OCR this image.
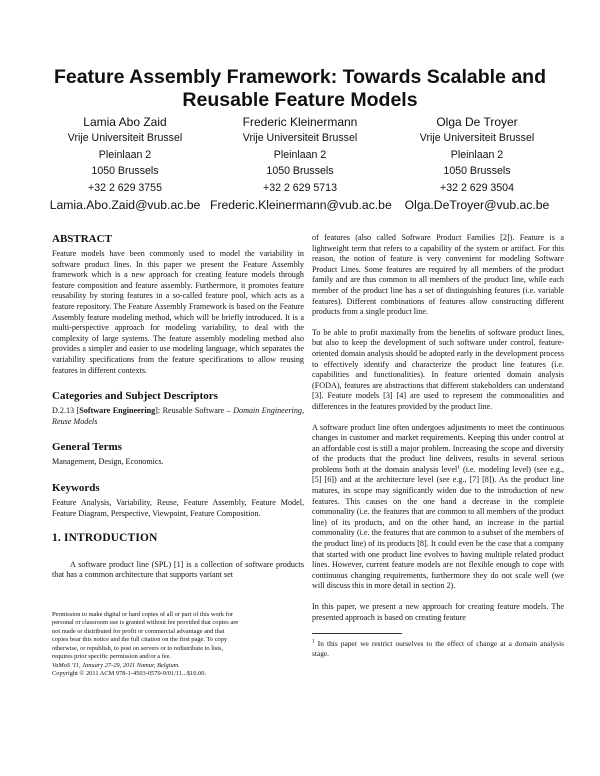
Feature Assembly Framework: Towards Scalable and Reusable Feature Models
Lamia Abo Zaid
Vrije Universiteit Brussel
Pleinlaan 2
1050 Brussels
+32 2 629 3755
Lamia.Abo.Zaid@vub.ac.be
Frederic Kleinermann
Vrije Universiteit Brussel
Pleinlaan 2
1050 Brussels
+32 2 629 5713
Frederic.Kleinermann@vub.ac.be
Olga De Troyer
Vrije Universiteit Brussel
Pleinlaan 2
1050 Brussels
+32 2 629 3504
Olga.DeTroyer@vub.ac.be
ABSTRACT

Feature models have been commonly used to model the variability in software product lines. In this paper we present the Feature Assembly framework which is a new approach for creating feature models through feature composition and feature assembly. Furthermore, it promotes feature reusability by storing features in a so-called feature pool, which acts as a feature repository. The Feature Assembly Framework is based on the Feature Assembly feature modeling method, which will be briefly introduced. It is a multi-perspective approach for modeling variability, to deal with the complexity of large systems. The feature assembly modeling method also provides a simpler and easier to use modeling language, which separates the variability specifications from the feature specifications to allow reusing features in different contexts.

Categories and Subject Descriptors

D.2.13 [Software Engineering]: Reusable Software – Domain Engineering, Reuse Models

General Terms

Management, Design, Economics.

Keywords

Feature Analysis, Variability, Reuse, Feature Assembly, Feature Model, Feature Diagram, Perspective, Viewpoint, Feature Composition.

1. INTRODUCTION

A software product line (SPL) [1] is a collection of software products that has a common architecture that supports variant set

Permission to make digital or hard copies of all or part of this work for
personal or classroom use is granted without fee provided that copies are
not made or distributed for profit or commercial advantage and that
copies bear this notice and the full citation on the first page. To copy
otherwise, or republish, to post on servers or to redistribute to lists,
requires prior specific permission and/or a fee.
VaMoS '11, January 27-29, 2011 Namur, Belgium.
Copyright © 2011 ACM 978-1-4503-0570-9/01/11...$10.00.

of features (also called Software Product Families [2]). Feature is a lightweight term that refers to a capability of the system or artifact. For this reason, the notion of feature is very convenient for modeling Software Product Lines. Some features are required by all members of the product family and are thus common to all members of the product line, while each member of the product line has a set of distinguishing features (i.e. variable features). Different combinations of features allow constructing different products from a single product line.

To be able to profit maximally from the benefits of software product lines, but also to keep the development of such software under control, feature-oriented domain analysis should be adopted early in the development process to effectively identify and characterize the product line features (i.e. capabilities and functionalities). In feature oriented domain analysis (FODA), features are abstractions that different stakeholders can understand [3]. Feature models [3] [4] are used to represent the commonalities and differences in the features provided by the product line.

A software product line often undergoes adjustments to meet the continuous changes in customer and market requirements. Keeping this under control at an affordable cost is still a major problem. Increasing the scope and diversity of the products that the product line delivers, results in several serious problems both at the domain analysis level$^1$ (i.e. modeling level) (see e.g., [5] [6]) and at the architecture level (see e.g., [7] [8]). As the product line matures, its scope may significantly widen due to the introduction of new features. This causes on the one hand a decrease in the complete commonality (i.e. the features that are common to all members of the product line) of its products, and on the other hand, an increase in the partial commonality (i.e. the features that are common to a subset of the members of the product line) of its products [8]. It could even be the case that a company that started with one product line evolves to having multiple related product lines. However, current feature models are not flexible enough to cope with continuous changing requirements, furthermore they do not scale well (we will discuss this in more detail in section 2).

In this paper, we present a new approach for creating feature models. The presented approach is based on creating feature

$^1$ In this paper we restrict ourselves to the effect of change at a domain analysis stage.
